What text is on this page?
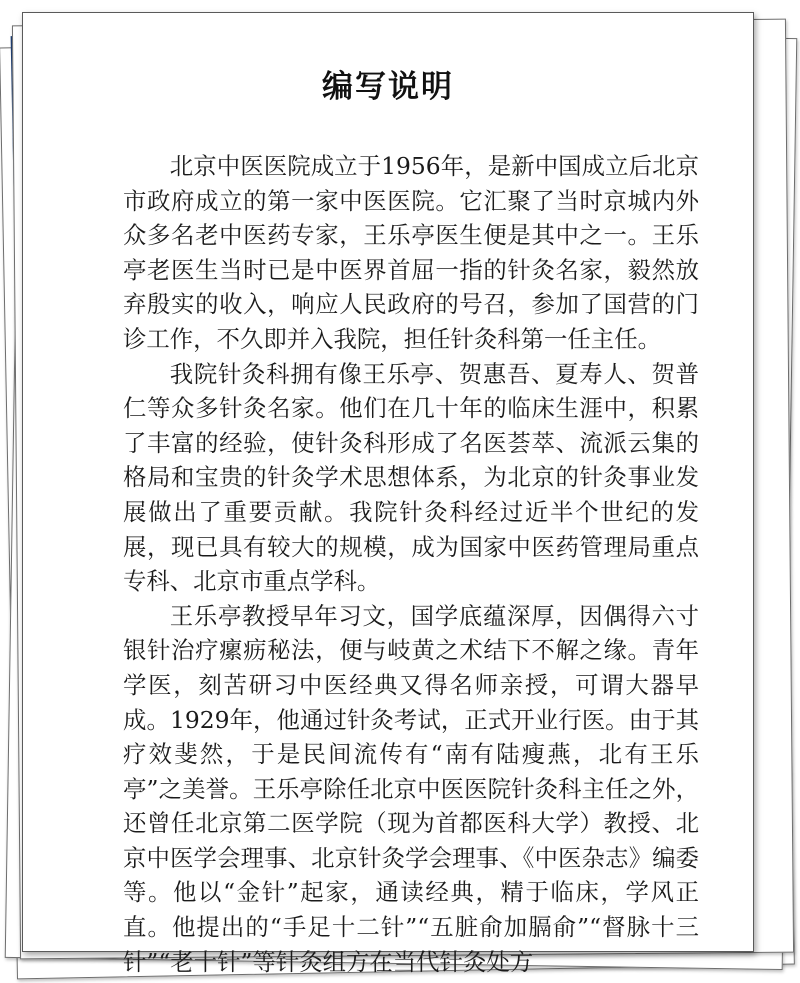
编写说明

北京中医医院成立于1956年，是新中国成立后北京市政府成立的第一家中医医院。它汇聚了当时京城内外众多名老中医药专家，王乐亭医生便是其中之一。王乐亭老医生当时已是中医界首屈一指的针灸名家，毅然放弃殷实的收入，响应人民政府的号召，参加了国营的门诊工作，不久即并入我院，担任针灸科第一任主任。

我院针灸科拥有像王乐亭、贺惠吾、夏寿人、贺普仁等众多针灸名家。他们在几十年的临床生涯中，积累了丰富的经验，使针灸科形成了名医荟萃、流派云集的格局和宝贵的针灸学术思想体系，为北京的针灸事业发展做出了重要贡献。我院针灸科经过近半个世纪的发展，现已具有较大的规模，成为国家中医药管理局重点专科、北京市重点学科。

王乐亭教授早年习文，国学底蕴深厚，因偶得六寸银针治疗瘰疬秘法，便与岐黄之术结下不解之缘。青年学医，刻苦研习中医经典又得名师亲授，可谓大器早成。1929年，他通过针灸考试，正式开业行医。由于其疗效斐然，于是民间流传有“南有陆瘦燕，北有王乐亭”之美誉。王乐亭除任北京中医医院针灸科主任之外，还曾任北京第二医学院（现为首都医科大学）教授、北京中医学会理事、北京针灸学会理事、《中医杂志》编委等。他以“金针”起家，通读经典，精于临床，学风正直。他提出的“手足十二针”“五脏俞加膈俞”“督脉十三针”“老十针”等针灸组方在当代针灸处方
